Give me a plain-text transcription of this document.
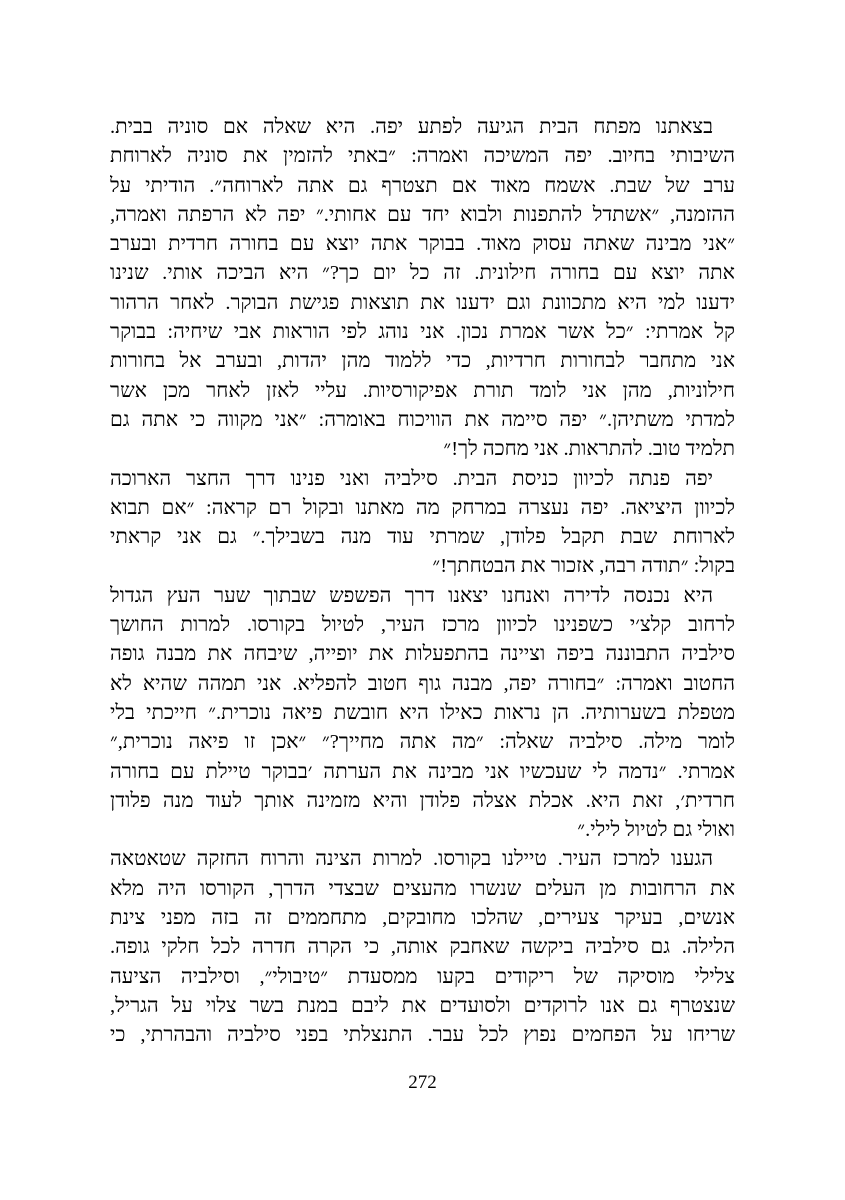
בצאתנו מפתח הבית הגיעה לפתע יפה. היא שאלה אם סוניה בבית.
השיבותי בחיוב. יפה המשיכה ואמרה: ״באתי להזמין את סוניה לארוחת
ערב של שבת. אשמח מאוד אם תצטרף גם אתה לארוחה״. הודיתי על
ההזמנה, ״אשתדל להתפנות ולבוא יחד עם אחותי.״ יפה לא הרפתה ואמרה,
״אני מבינה שאתה עסוק מאוד. בבוקר אתה יוצא עם בחורה חרדית ובערב
אתה יוצא עם בחורה חילונית. זה כל יום כך?״ היא הביכה אותי. שנינו
ידענו למי היא מתכוונת וגם ידענו את תוצאות פגישת הבוקר. לאחר הרהור
קל אמרתי: ״כל אשר אמרת נכון. אני נוהג לפי הוראות אבי שיחיה: בבוקר
אני מתחבר לבחורות חרדיות, כדי ללמוד מהן יהדות, ובערב אל בחורות
חילוניות, מהן אני לומד תורת אפיקורסיות. עליי לאזן לאחר מכן אשר
למדתי משתיהן.״ יפה סיימה את הוויכוח באומרה: ״אני מקווה כי אתה גם
תלמיד טוב. להתראות. אני מחכה לך!״

יפה פנתה לכיוון כניסת הבית. סילביה ואני פנינו דרך החצר הארוכה
לכיוון היציאה. יפה נעצרה במרחק מה מאתנו ובקול רם קראה: ״אם תבוא
לארוחת שבת תקבל פלודן, שמרתי עוד מנה בשבילך.״ גם אני קראתי
בקול: ״תודה רבה, אזכור את הבטחתך!״

היא נכנסה לדירה ואנחנו יצאנו דרך הפשפש שבתוך שער העץ הגדול
לרחוב קלצ׳י כשפנינו לכיוון מרכז העיר, לטיול בקורסו. למרות החושך
סילביה התבוננה ביפה וציינה בהתפעלות את יופייה, שיבחה את מבנה גופה
החטוב ואמרה: ״בחורה יפה, מבנה גוף חטוב להפליא. אני תמהה שהיא לא
מטפלת בשערותיה. הן נראות כאילו היא חובשת פיאה נוכרית.״ חייכתי בלי
לומר מילה. סילביה שאלה: ״מה אתה מחייך?״ ״אכן זו פיאה נוכרית,״
אמרתי. ״נדמה לי שעכשיו אני מבינה את הערתה ׳בבוקר טיילת עם בחורה
חרדית׳, זאת היא. אכלת אצלה פלודן והיא מזמינה אותך לעוד מנה פלודן
ואולי גם לטיול לילי.״

הגענו למרכז העיר. טיילנו בקורסו. למרות הצינה והרוח החזקה שטאטאה
את הרחובות מן העלים שנשרו מהעצים שבצדי הדרך, הקורסו היה מלא
אנשים, בעיקר צעירים, שהלכו מחובקים, מתחממים זה בזה מפני צינת
הלילה. גם סילביה ביקשה שאחבק אותה, כי הקרה חדרה לכל חלקי גופה.
צלילי מוסיקה של ריקודים בקעו ממסעדת ״טיבולי״, וסילביה הציעה
שנצטרף גם אנו לרוקדים ולסועדים את ליבם במנת בשר צלוי על הגריל,
שריחו על הפחמים נפוץ לכל עבר. התנצלתי בפני סילביה והבהרתי, כי

272
